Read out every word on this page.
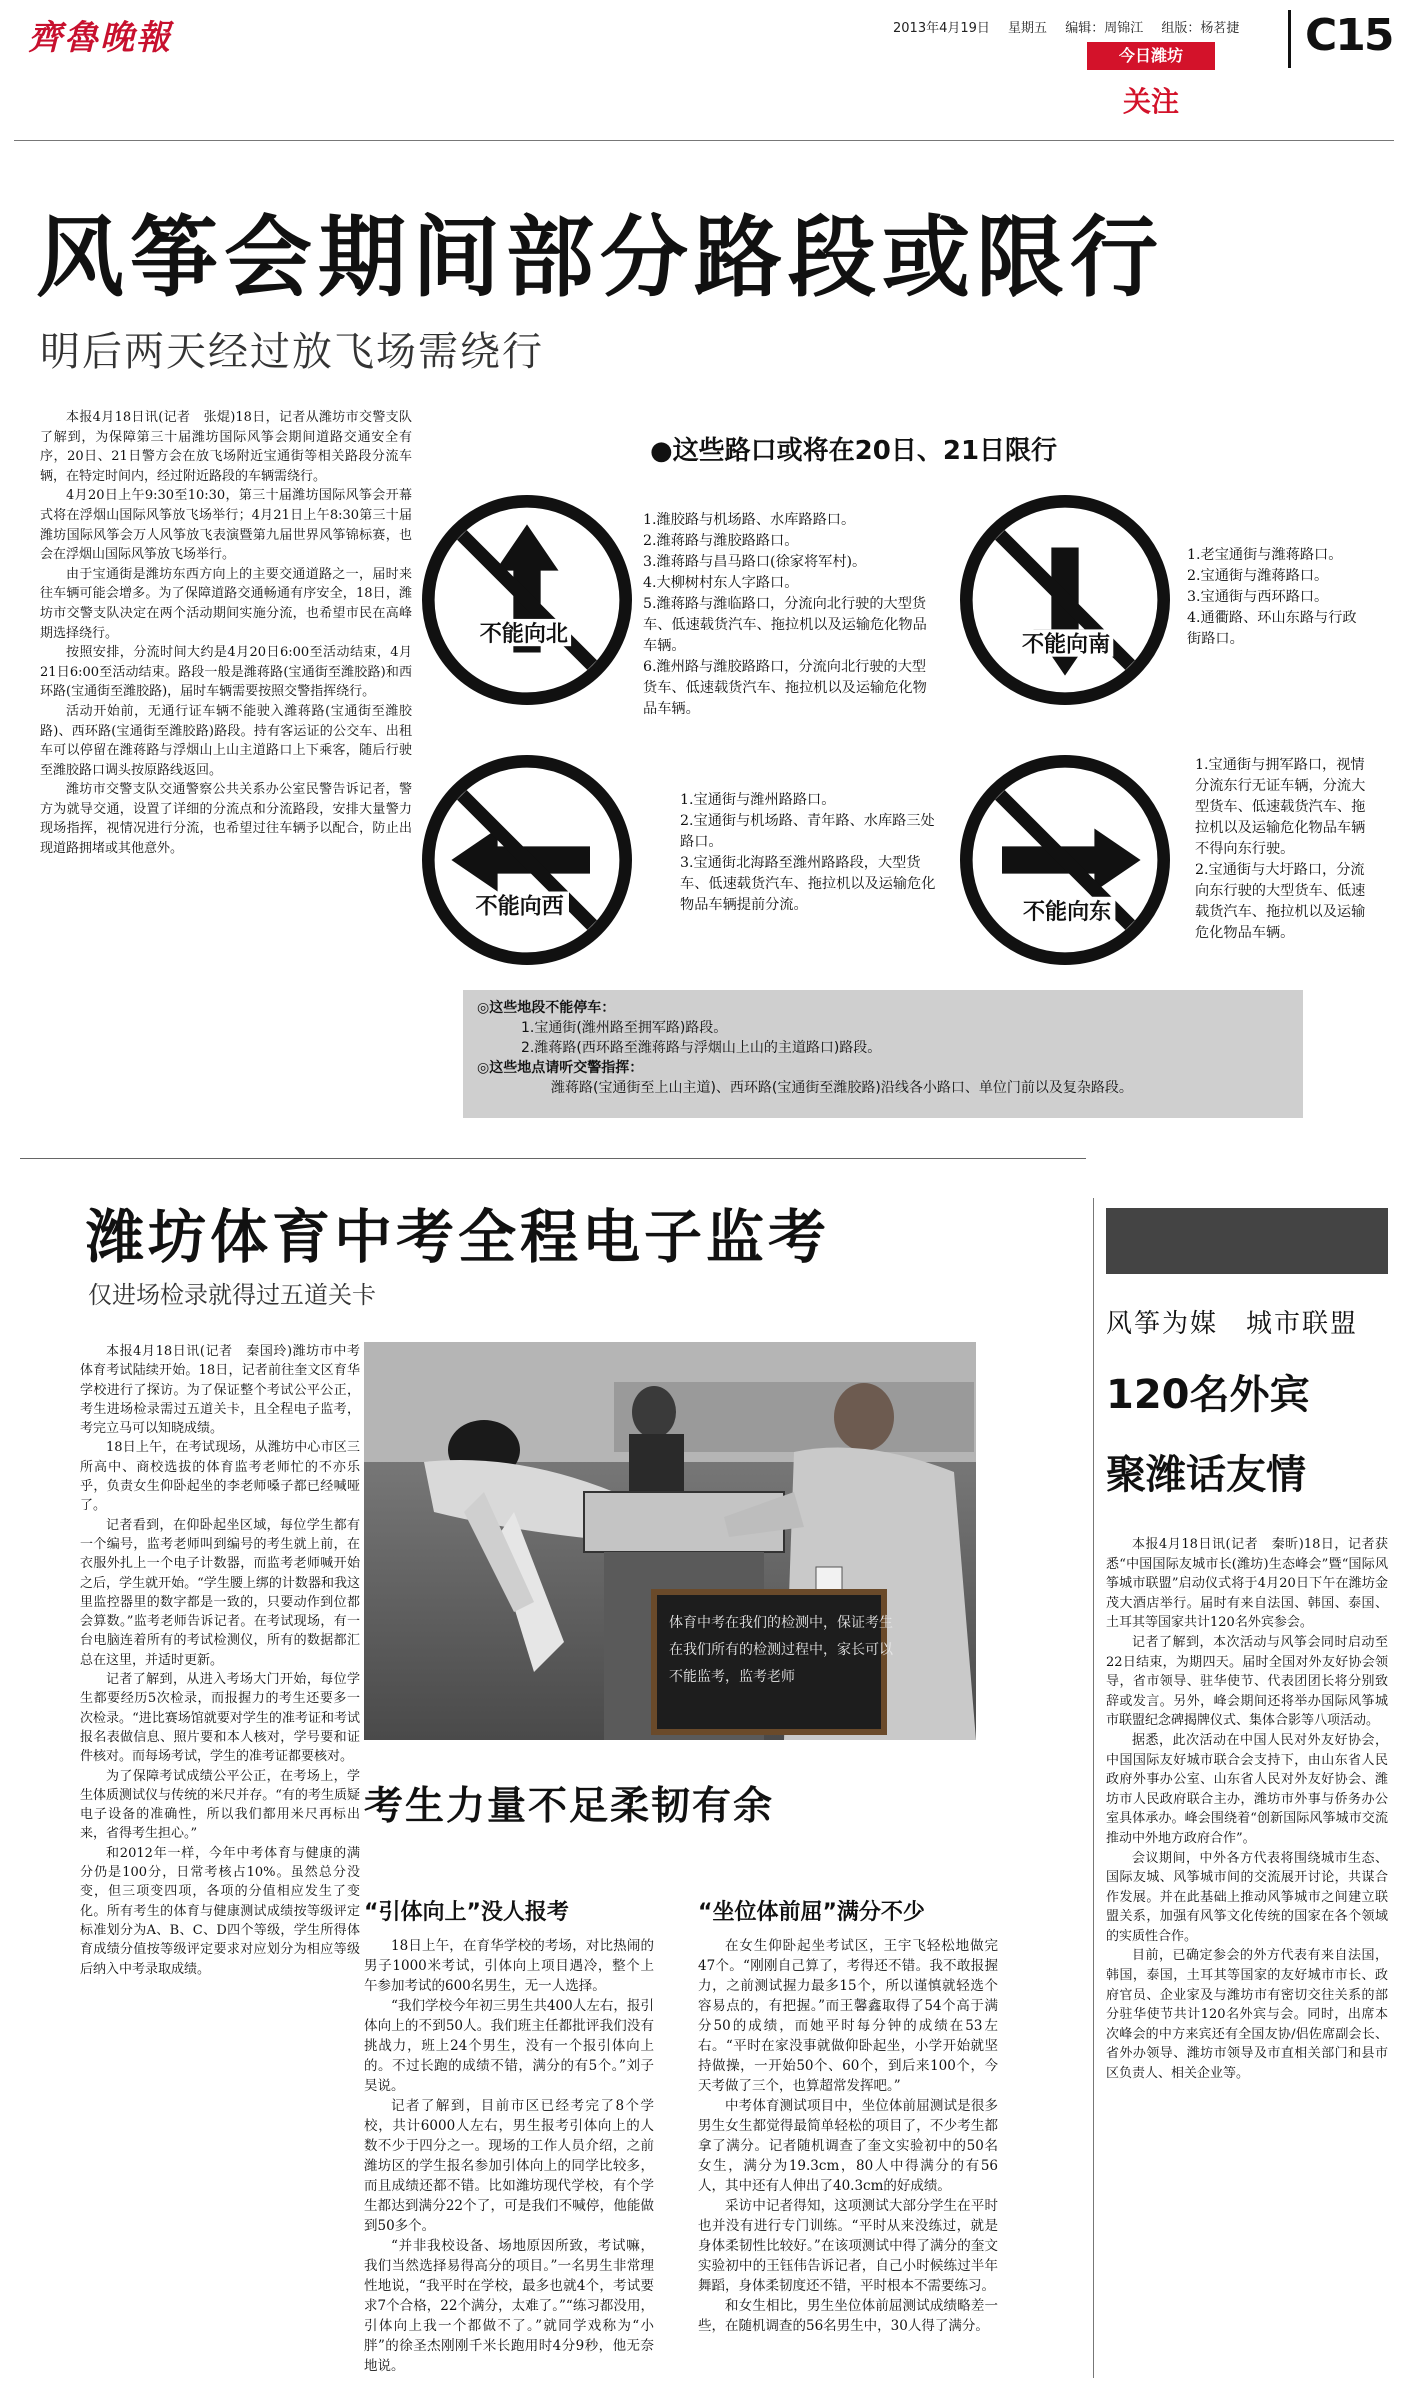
齊魯晚報	2013年4月19日 星期五 编辑：周锦江 组版：杨茗捷	C15
今日潍坊
关注
风筝会期间部分路段或限行
明后两天经过放飞场需绕行

本报4月18日讯(记者　张焜)18日，记者从潍坊市交警支队了解到，为保障第三十届潍坊国际风筝会期间道路交通安全有序，20日、21日警方会在放飞场附近宝通街等相关路段分流车辆，在特定时间内，经过附近路段的车辆需绕行。

4月20日上午9:30至10:30，第三十届潍坊国际风筝会开幕式将在浮烟山国际风筝放飞场举行；4月21日上午8:30第三十届潍坊国际风筝会万人风筝放飞表演暨第九届世界风筝锦标赛，也会在浮烟山国际风筝放飞场举行。

由于宝通街是潍坊东西方向上的主要交通道路之一，届时来往车辆可能会增多。为了保障道路交通畅通有序安全，18日，潍坊市交警支队决定在两个活动期间实施分流，也希望市民在高峰期选择绕行。

按照安排，分流时间大约是4月20日6:00至活动结束，4月21日6:00至活动结束。路段一般是潍蒋路(宝通街至潍胶路)和西环路(宝通街至潍胶路)，届时车辆需要按照交警指挥绕行。

活动开始前，无通行证车辆不能驶入潍蒋路(宝通街至潍胶路)、西环路(宝通街至潍胶路)路段。持有客运证的公交车、出租车可以停留在潍蒋路与浮烟山上山主道路口上下乘客，随后行驶至潍胶路口调头按原路线返回。

潍坊市交警支队交通警察公共关系办公室民警告诉记者，警方为就导交通，设置了详细的分流点和分流路段，安排大量警力现场指挥，视情况进行分流，也希望过往车辆予以配合，防止出现道路拥堵或其他意外。

●这些路口或将在20日、21日限行
不能向北
1.潍胶路与机场路、水库路路口。
2.潍蒋路与潍胶路路口。
3.潍蒋路与昌马路口(徐家将军村)。
4.大柳树村东人字路口。
5.潍蒋路与潍临路口，分流向北行驶的大型货车、低速载货汽车、拖拉机以及运输危化物品车辆。
6.潍州路与潍胶路路口，分流向北行驶的大型货车、低速载货汽车、拖拉机以及运输危化物品车辆。
不能向南
1.老宝通街与潍蒋路口。
2.宝通街与潍蒋路口。
3.宝通街与西环路口。
4.通衢路、环山东路与行政街路口。
不能向西
1.宝通街与潍州路路口。
2.宝通街与机场路、青年路、水库路三处路口。
3.宝通街北海路至潍州路路段，大型货车、低速载货汽车、拖拉机以及运输危化物品车辆提前分流。	不能向东
1.宝通街与拥军路口，视情分流东行无证车辆，分流大型货车、低速载货汽车、拖拉机以及运输危化物品车辆不得向东行驶。
2.宝通街与大圩路口，分流向东行驶的大型货车、低速载货汽车、拖拉机以及运输危化物品车辆。
◎这些地段不能停车：
1.宝通街(潍州路至拥军路)路段。
2.潍蒋路(西环路至潍蒋路与浮烟山上山的主道路口)路段。
◎这些地点请听交警指挥：
潍蒋路(宝通街至上山主道)、西环路(宝通街至潍胶路)沿线各小路口、单位门前以及复杂路段。
潍坊体育中考全程电子监考
仅进场检录就得过五道关卡

本报4月18日讯(记者　秦国玲)潍坊市中考体育考试陆续开始。18日，记者前往奎文区育华学校进行了探访。为了保证整个考试公平公正，考生进场检录需过五道关卡，且全程电子监考，考完立马可以知晓成绩。

18日上午，在考试现场，从潍坊中心市区三所高中、商校选拔的体育监考老师忙的不亦乐乎，负责女生仰卧起坐的李老师嗓子都已经喊哑了。

记者看到，在仰卧起坐区域，每位学生都有一个编号，监考老师叫到编号的考生就上前，在衣服外扎上一个电子计数器，而监考老师喊开始之后，学生就开始。“学生腰上绑的计数器和我这里监控器里的数字都是一致的，只要动作到位都会算数。”监考老师告诉记者。在考试现场，有一台电脑连着所有的考试检测仪，所有的数据都汇总在这里，并适时更新。

记者了解到，从进入考场大门开始，每位学生都要经历5次检录，而报握力的考生还要多一次检录。“进比赛场馆就要对学生的准考证和考试报名表做信息、照片要和本人核对，学号要和证件核对。而每场考试，学生的准考证都要核对。

为了保障考试成绩公平公正，在考场上，学生体质测试仪与传统的米尺并存。“有的考生质疑电子设备的准确性，所以我们都用米尺再标出来，省得考生担心。”

和2012年一样，今年中考体育与健康的满分仍是100分，日常考核占10%。虽然总分没变，但三项变四项，各项的分值相应发生了变化。所有考生的体育与健康测试成绩按等级评定标准划分为A、B、C、D四个等级，学生所得体育成绩分值按等级评定要求对应划分为相应等级后纳入中考录取成绩。

体育中考在我们的检测中，保证考生
在我们所有的检测过程中，家长可以
不能监考，监考老师
考生力量不足柔韧有余
“引体向上”没人报考

18日上午，在育华学校的考场，对比热闹的男子1000米考试，引体向上项目遇冷，整个上午参加考试的600名男生，无一人选择。

“我们学校今年初三男生共400人左右，报引体向上的不到50人。我们班主任都批评我们没有挑战力，班上24个男生，没有一个报引体向上的。不过长跑的成绩不错，满分的有5个。”刘子昊说。

记者了解到，目前市区已经考完了8个学校，共计6000人左右，男生报考引体向上的人数不少于四分之一。现场的工作人员介绍，之前潍坊区的学生报名参加引体向上的同学比较多，而且成绩还都不错。比如潍坊现代学校，有个学生都达到满分22个了，可是我们不喊停，他能做到50多个。

“并非我校设备、场地原因所致，考试嘛，我们当然选择易得高分的项目。”一名男生非常理性地说，“我平时在学校，最多也就4个，考试要求7个合格，22个满分，太难了。”“练习都没用，引体向上我一个都做不了。”就同学戏称为“小胖”的徐圣杰刚刚千米长跑用时4分9秒，他无奈地说。

“坐位体前屈”满分不少

在女生仰卧起坐考试区，王宇飞轻松地做完47个。“刚刚自己算了，考得还不错。我不敢报握力，之前测试握力最多15个，所以谨慎就轻选个容易点的，有把握。”而王馨鑫取得了54个高于满分50的成绩，而她平时每分钟的成绩在53左右。“平时在家没事就做仰卧起坐，小学开始就坚持做操，一开始50个、60个，到后来100个，今天考做了三个，也算超常发挥吧。”

中考体育测试项目中，坐位体前屈测试是很多男生女生都觉得最简单轻松的项目了，不少考生都拿了满分。记者随机调查了奎文实验初中的50名女生，满分为19.3cm，80人中得满分的有56人，其中还有人伸出了40.3cm的好成绩。

采访中记者得知，这项测试大部分学生在平时也并没有进行专门训练。“平时从来没练过，就是身体柔韧性比较好。”在该项测试中得了满分的奎文实验初中的王钰伟告诉记者，自己小时候练过半年舞蹈，身体柔韧度还不错，平时根本不需要练习。

和女生相比，男生坐位体前屈测试成绩略差一些，在随机调查的56名男生中，30人得了满分。

风筝为媒　城市联盟
120名外宾
聚潍话友情

本报4月18日讯(记者　秦昕)18日，记者获悉“中国国际友城市长(潍坊)生态峰会”暨“国际风筝城市联盟”启动仪式将于4月20日下午在潍坊金茂大酒店举行。届时有来自法国、韩国、泰国、土耳其等国家共计120名外宾参会。

记者了解到，本次活动与风筝会同时启动至22日结束，为期四天。届时全国对外友好协会领导，省市领导、驻华使节、代表团团长将分别致辞或发言。另外，峰会期间还将举办国际风筝城市联盟纪念碑揭牌仪式、集体合影等八项活动。

据悉，此次活动在中国人民对外友好协会，中国国际友好城市联合会支持下，由山东省人民政府外事办公室、山东省人民对外友好协会、潍坊市人民政府联合主办，潍坊市外事与侨务办公室具体承办。峰会围绕着“创新国际风筝城市交流　推动中外地方政府合作”。

会议期间，中外各方代表将围绕城市生态、国际友城、风筝城市间的交流展开讨论，共谋合作发展。并在此基础上推动风筝城市之间建立联盟关系，加强有风筝文化传统的国家在各个领域的实质性合作。

目前，已确定参会的外方代表有来自法国，韩国，泰国，土耳其等国家的友好城市市长、政府官员、企业家及与潍坊市有密切交往关系的部分驻华使节共计120名外宾与会。同时，出席本次峰会的中方来宾还有全国友协/侣佐席副会长、省外办领导、潍坊市领导及市直相关部门和县市区负责人、相关企业等。
